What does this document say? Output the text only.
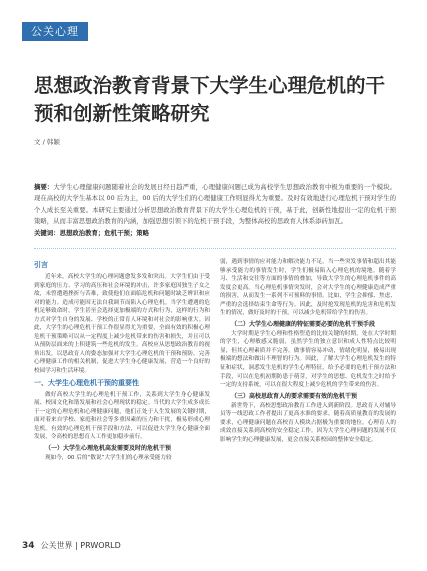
公关心理
思想政治教育背景下大学生心理危机的干预和创新性策略研究
文 / 韩颖
摘要：大学生心理健康问题随着社会的发展日经日趋严重，心理健康问题已成为高校学生思想政治教育中极为重要的一个模块。现在高校的大学生基本以 00 后为主，00 后的大学生们的心理健康工作则显得尤为重要。及时有效地进行心理危机干预对学生的个人成长至关重要。本研究主要通过分析思想政治教育背景下的大学生心理危机的干预，基于此，创新性地提出一定的危机干预策略，从而丰富思想政治教育的内涵，加强思想引领下的危机干预手段，为整体高校的思政育人体系添砖加瓦。
关键词：思想政治教育；危机干预；策略
引言

近年来，高校大学生的心理问题愈发多发和突出。大学生们由于受到家庭的压力、学习的高压和社会环境的冲击，许多家庭因独生子女之故，未曾遭遇挫折与苦难，致使他们在面临危机和问题时缺乏辨识和应对的能力。造成可能因无法自我调节而陷入心理危机。当学生遭遇的危机足够致命时，学生甚至会选择更加极端的方式和行为，这样的行为和方式对学生自身的发展、学校的正常育人环境和对社会的影响重大。因此，大学生的心理危机干预工作很显得尤为重要，全面有效的积极心理危机干预策略可以从一定程度上减少危机带来的伤害和损失，并且可以从预防层面来的上积建筑一些危机的发生。高校应从思想政治教育的视角出发，以思政育人的姿态加强对大学生心理危机的干预和预防，完善心理健康工作的相关机制，促进大学生身心健康发展，营造一个良好的校园学习和生活环境。

一、大学生心理危机干预的重要性

做好高校大学生的心理危机干预工作，关系到大学生身心健康发展、校园文化和谐发展和社会心理现状的稳定。当代的大学生成多成长于一定的心理危机和心理健康问题，他们正处于人生发展的关键时期，面对着来自学校、家庭和社会等多重因素的压力和干扰，极易形成心理危机。有效的心理危机干预手段和方法，可以促进大学生身心健康全面发展，令高校的思想育人工作更加稳步前行。

（一）大学生心理危机高发需要及时的危机干预

现如今，00 后的“数说”大学生们的心理承受能力较

弱，遇到事情的应对能力和解决能力不足。当一些突发事情和超出其能够承受能力的事情发生时，学生们极易陷入心理危机的境地。随着学习、生活和交往等方面的事情的叠加，导致大学生的心理危机事件的高发度会更高。当心理危机事情突发时，会对大学生的心理健康造成严重的损害，从而发生一系列不可预料的事情。比如，学生会抑郁、焦虑、严重的会选择结束生命等行为。因此，及时抢发现危机的危害和危机发生的情况，做好及时的干预，可以减少危机带给学生的伤害。

（二）大学生心理健康的特征需要必要的危机干预手段

大学时期是学生心理和性格塑造的比较关键的时期。处在大学时期的学生，心理敏感又脆弱，虽然学生的独立意识和成人性特点比较明显，但其心理素质并不完善。做事情容易冲动，情绪化明显，极易出现极端的想法和做出不理智的行为。因此，了解大学生心理危机发生的特征和症状，洞悉发生危机的学生心理特征，给予必要的危机干预方法和手段，可以在危机初期防患于萌芽，对学生的思想、危机发生之时给予一定的支持系统，可以在很大程度上减少危机的学生带来的伤害。

（三）高校思政育人的要求需要有效的危机干预

新世势下，高校思想政治教育工作进入到新阶段。思政育人对辅导员等一线思政工作者提出了更高水准的要求。随着高质量教育的发展的要求，心理健康问题在高校育人模块占据极为重要的地位。心理育人的成效直接关系到高校的安全稳定工作。因为大学生心理问题的发展不仅影响学生的心理健康发展，更会直接关系校园的整体安全稳定。

34 公关世界 | PRWORLD
